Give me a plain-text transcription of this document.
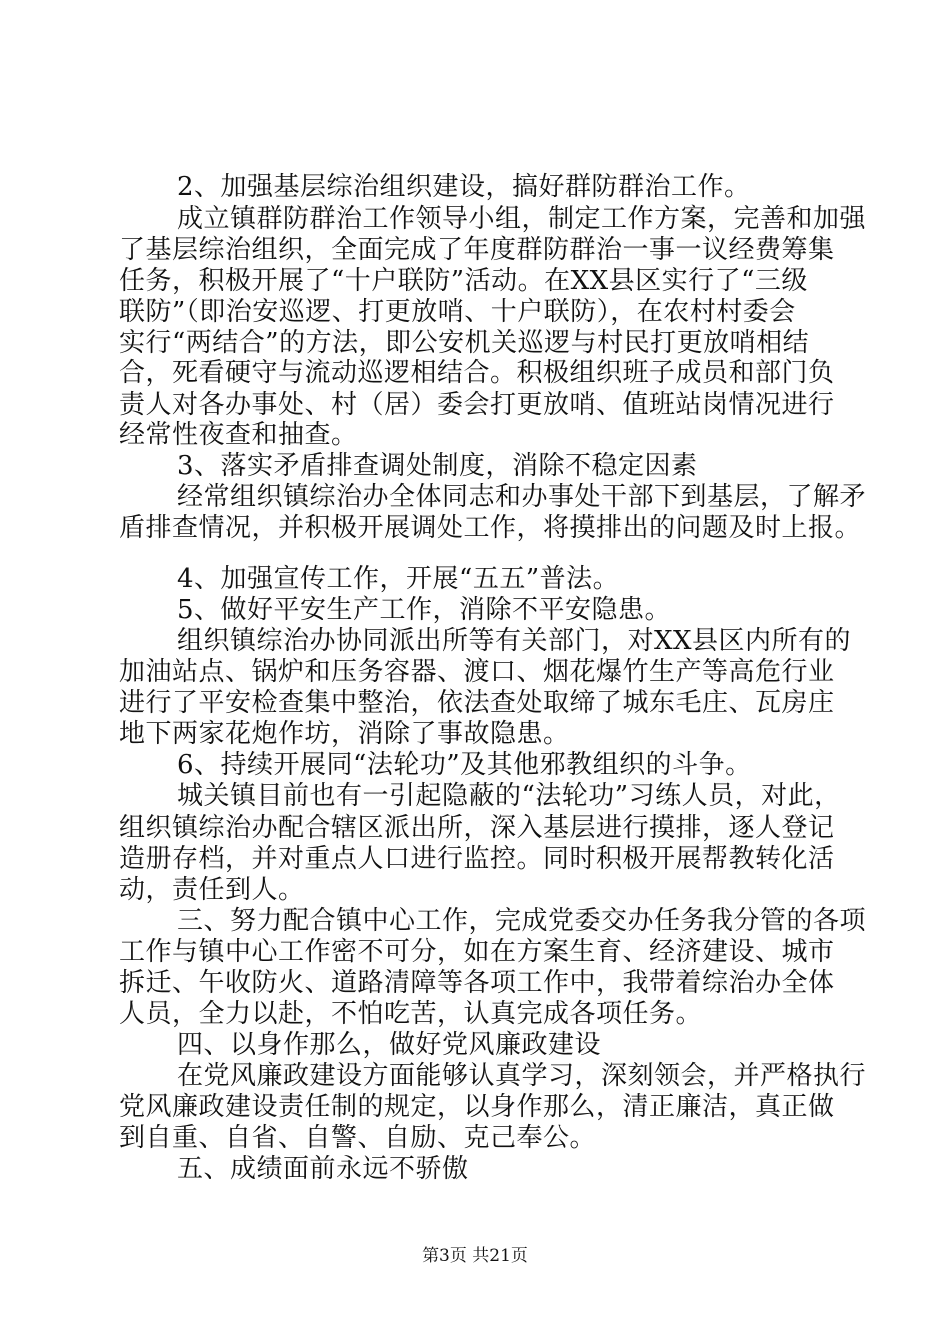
2、加强基层综治组织建设，搞好群防群治工作。
成立镇群防群治工作领导小组，制定工作方案，完善和加强
了基层综治组织，全面完成了年度群防群治一事一议经费筹集
任务，积极开展了“十户联防”活动。在XX县区实行了“三级
联防”（即治安巡逻、打更放哨、十户联防），在农村村委会
实行“两结合”的方法，即公安机关巡逻与村民打更放哨相结
合，死看硬守与流动巡逻相结合。积极组织班子成员和部门负
责人对各办事处、村（居）委会打更放哨、值班站岗情况进行
经常性夜查和抽查。
3、落实矛盾排查调处制度，消除不稳定因素
经常组织镇综治办全体同志和办事处干部下到基层，了解矛
盾排查情况，并积极开展调处工作，将摸排出的问题及时上报。
4、加强宣传工作，开展“五五”普法。
5、做好平安生产工作，消除不平安隐患。
组织镇综治办协同派出所等有关部门，对XX县区内所有的
加油站点、锅炉和压务容器、渡口、烟花爆竹生产等高危行业
进行了平安检查集中整治，依法查处取缔了城东毛庄、瓦房庄
地下两家花炮作坊，消除了事故隐患。
6、持续开展同“法轮功”及其他邪教组织的斗争。
城关镇目前也有一引起隐蔽的“法轮功”习练人员，对此，
组织镇综治办配合辖区派出所，深入基层进行摸排，逐人登记
造册存档，并对重点人口进行监控。同时积极开展帮教转化活
动，责任到人。
三、努力配合镇中心工作，完成党委交办任务我分管的各项
工作与镇中心工作密不可分，如在方案生育、经济建设、城市
拆迁、午收防火、道路清障等各项工作中，我带着综治办全体
人员，全力以赴，不怕吃苦，认真完成各项任务。
四、以身作那么，做好党风廉政建设
在党风廉政建设方面能够认真学习，深刻领会，并严格执行
党风廉政建设责任制的规定，以身作那么，清正廉洁，真正做
到自重、自省、自警、自励、克己奉公。
五、成绩面前永远不骄傲
第3页 共21页
